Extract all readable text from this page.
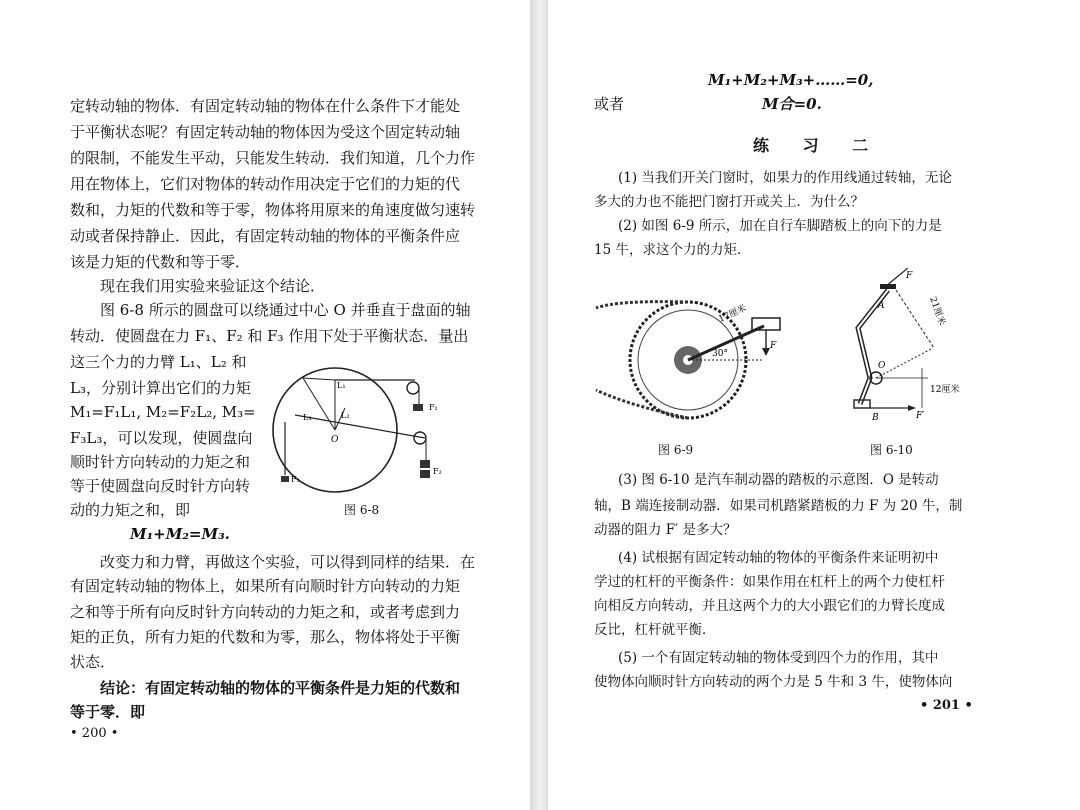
定转动轴的物体．有固定转动轴的物体在什么条件下才能处
于平衡状态呢？有固定转动轴的物体因为受这个固定转动轴
的限制，不能发生平动，只能发生转动．我们知道，几个力作
用在物体上，它们对物体的转动作用决定于它们的力矩的代
数和，力矩的代数和等于零，物体将用原来的角速度做匀速转
动或者保持静止．因此，有固定转动轴的物体的平衡条件应
该是力矩的代数和等于零．
现在我们用实验来验证这个结论．
图 6-8 所示的圆盘可以绕通过中心 O 并垂直于盘面的轴
转动．使圆盘在力 F₁、F₂ 和 F₃ 作用下处于平衡状态．量出
这三个力的力臂 L₁、L₂ 和
L₃，分别计算出它们的力矩
M₁=F₁L₁, M₂=F₂L₂, M₃=
F₃L₃，可以发现，使圆盘向
顺时针方向转动的力矩之和
等于使圆盘向反时针方向转
动的力矩之和，即
M₁+M₂=M₃.
改变力和力臂，再做这个实验，可以得到同样的结果．在
有固定转动轴的物体上，如果所有向顺时针方向转动的力矩
之和等于所有向反时针方向转动的力矩之和，或者考虑到力
矩的正负，所有力矩的代数和为零，那么，物体将处于平衡
状态．
结论：有固定转动轴的物体的平衡条件是力矩的代数和
等于零．即
L₁
L₂
L₃
O
F₁
F₂
F₃
图 6-8
• 200 •
M₁+M₂+M₃+……=0,
或者	M合=0.
练 习 二
(1) 当我们开关门窗时，如果力的作用线通过转轴，无论
多大的力也不能把门窗打开或关上．为什么？
(2) 如图 6-9 所示，加在自行车脚踏板上的向下的力是
15 牛，求这个力的力矩．
17厘米
30°
F
图 6-9
F
A
O
B	F′
21厘米
12厘米
图 6-10
(3) 图 6-10 是汽车制动器的踏板的示意图．O 是转动
轴，B 端连接制动器．如果司机踏紧踏板的力 F 为 20 牛，制
动器的阻力 F′ 是多大？
(4) 试根据有固定转动轴的物体的平衡条件来证明初中
学过的杠杆的平衡条件：如果作用在杠杆上的两个力使杠杆
向相反方向转动，并且这两个力的大小跟它们的力臂长度成
反比，杠杆就平衡．
(5) 一个有固定转动轴的物体受到四个力的作用，其中
使物体向顺时针方向转动的两个力是 5 牛和 3 牛，使物体向
• 201 •
